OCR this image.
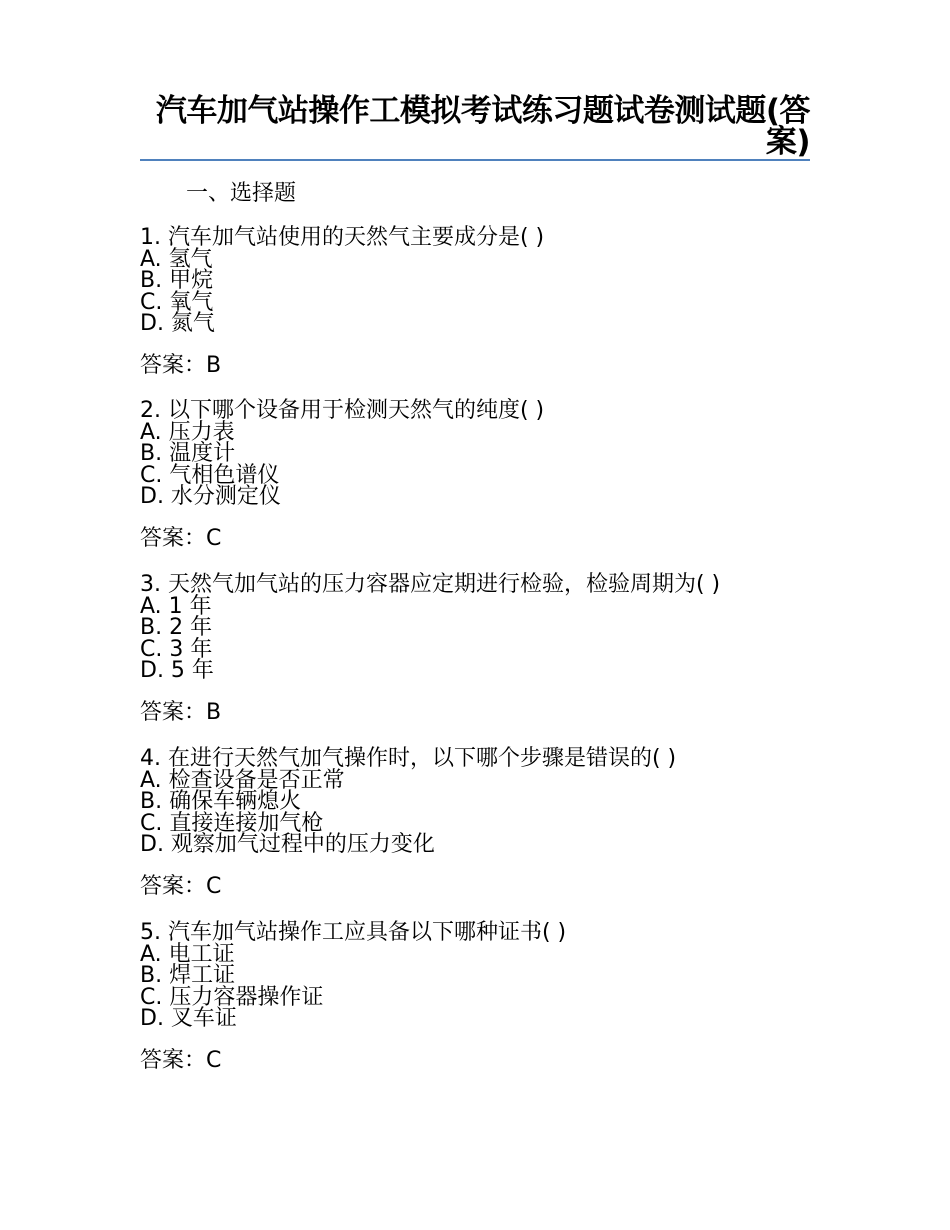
汽车加气站操作工模拟考试练习题试卷测试题(答案)

一、选择题

1. 汽车加气站使用的天然气主要成分是( )
A. 氢气
B. 甲烷
C. 氧气
D. 氮气
答案：B
2. 以下哪个设备用于检测天然气的纯度( )
A. 压力表
B. 温度计
C. 气相色谱仪
D. 水分测定仪
答案：C
3. 天然气加气站的压力容器应定期进行检验，检验周期为( )
A. 1 年
B. 2 年
C. 3 年
D. 5 年
答案：B
4. 在进行天然气加气操作时，以下哪个步骤是错误的( )
A. 检查设备是否正常
B. 确保车辆熄火
C. 直接连接加气枪
D. 观察加气过程中的压力变化
答案：C
5. 汽车加气站操作工应具备以下哪种证书( )
A. 电工证
B. 焊工证
C. 压力容器操作证
D. 叉车证
答案：C
